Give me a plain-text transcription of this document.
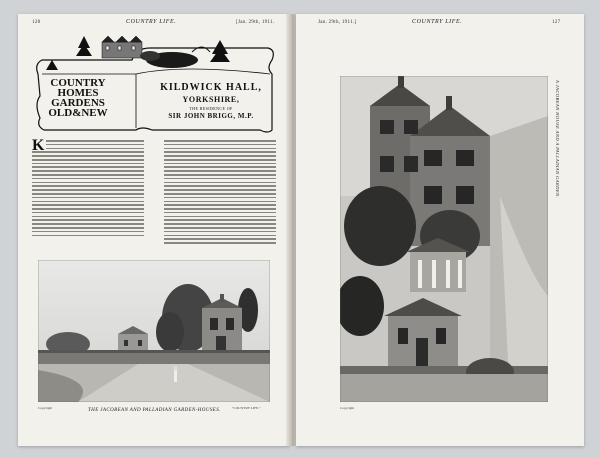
128	COUNTRY LIFE.	[Jan. 29th, 1911.
COUNTRY
HOMES
GARDENS
OLD&NEW
KILDWICK HALL,
YORKSHIRE,
THE RESIDENCE OF
SIR JOHN BRIGG, M.P.
K
Copyright	THE JACOBEAN AND PALLADIAN GARDEN-HOUSES.	"COUNTRY LIFE."
Jan. 29th, 1911.]	COUNTRY LIFE.	127
Copyright
A JACOBEAN HOUSE AND A PALLADIAN GARDEN.
